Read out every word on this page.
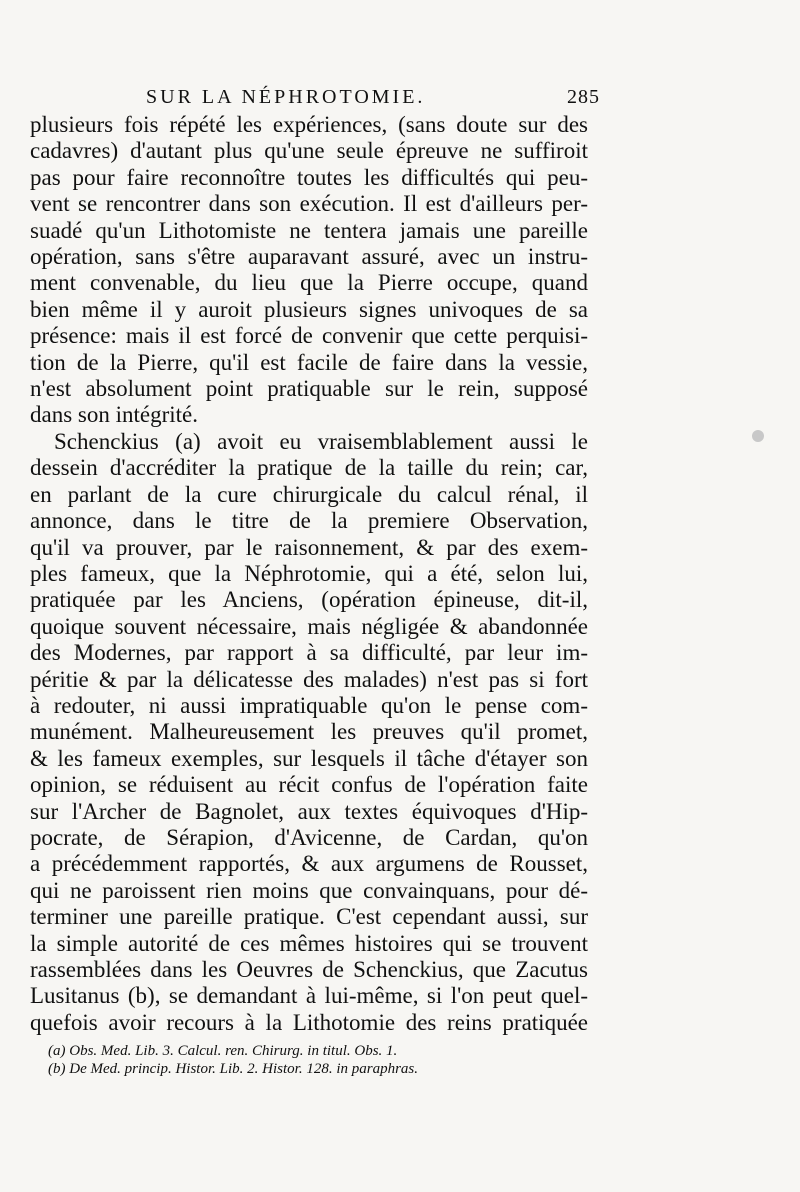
SUR LA NÉPHROTOMIE.	285
plusieurs fois répété les expériences, (sans doute sur des
cadavres) d'autant plus qu'une seule épreuve ne suffiroit
pas pour faire reconnoître toutes les difficultés qui peu-
vent se rencontrer dans son exécution. Il est d'ailleurs per-
suadé qu'un Lithotomiste ne tentera jamais une pareille
opération, sans s'être auparavant assuré, avec un instru-
ment convenable, du lieu que la Pierre occupe, quand
bien même il y auroit plusieurs signes univoques de sa
présence: mais il est forcé de convenir que cette perquisi-
tion de la Pierre, qu'il est facile de faire dans la vessie,
n'est absolument point pratiquable sur le rein, supposé
dans son intégrité.
Schenckius (a) avoit eu vraisemblablement aussi le
dessein d'accréditer la pratique de la taille du rein; car,
en parlant de la cure chirurgicale du calcul rénal, il
annonce, dans le titre de la premiere Observation,
qu'il va prouver, par le raisonnement, & par des exem-
ples fameux, que la Néphrotomie, qui a été, selon lui,
pratiquée par les Anciens, (opération épineuse, dit-il,
quoique souvent nécessaire, mais négligée & abandonnée
des Modernes, par rapport à sa difficulté, par leur im-
péritie & par la délicatesse des malades) n'est pas si fort
à redouter, ni aussi impratiquable qu'on le pense com-
munément. Malheureusement les preuves qu'il promet,
& les fameux exemples, sur lesquels il tâche d'étayer son
opinion, se réduisent au récit confus de l'opération faite
sur l'Archer de Bagnolet, aux textes équivoques d'Hip-
pocrate, de Sérapion, d'Avicenne, de Cardan, qu'on
a précédemment rapportés, & aux argumens de Rousset,
qui ne paroissent rien moins que convainquans, pour dé-
terminer une pareille pratique. C'est cependant aussi, sur
la simple autorité de ces mêmes histoires qui se trouvent
rassemblées dans les Oeuvres de Schenckius, que Zacutus
Lusitanus (b), se demandant à lui-même, si l'on peut quel-
quefois avoir recours à la Lithotomie des reins pratiquée
(a) Obs. Med. Lib. 3. Calcul. ren. Chirurg. in titul. Obs. 1.
(b) De Med. princip. Histor. Lib. 2. Histor. 128. in paraphras.
